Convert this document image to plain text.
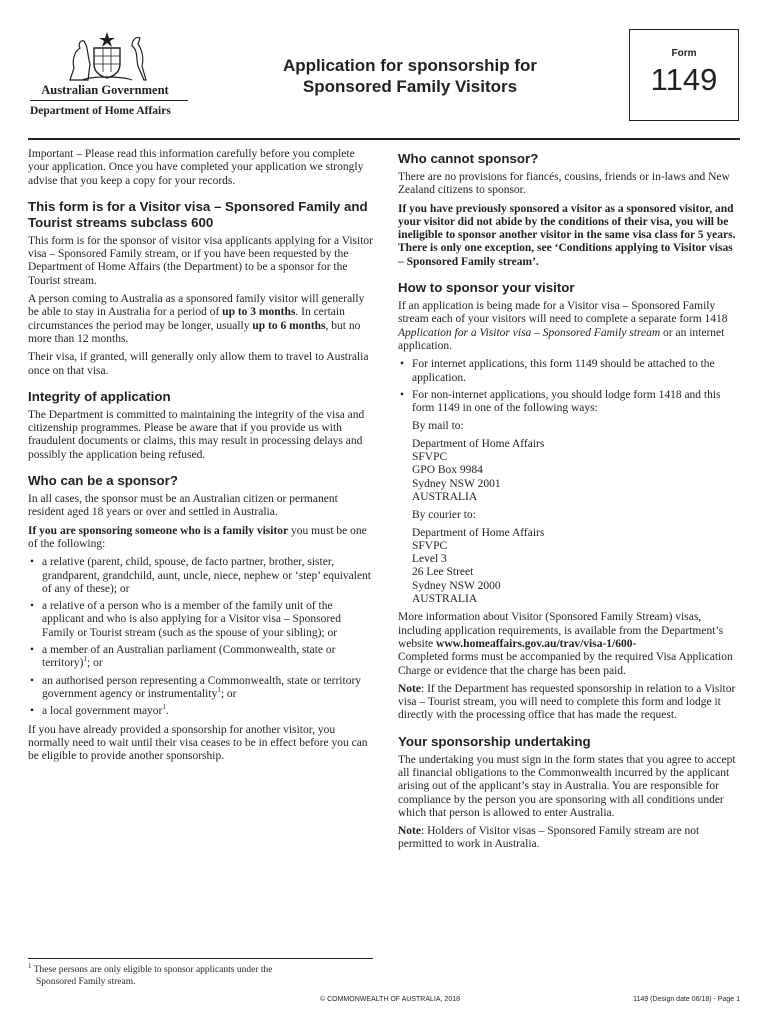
Australian Government
Department of Home Affairs
Application for sponsorship for
Sponsored Family Visitors
Form
1149

Important – Please read this information carefully before you complete your application. Once you have completed your application we strongly advise that you keep a copy for your records.

This form is for a Visitor visa – Sponsored Family and Tourist streams subclass 600

This form is for the sponsor of visitor visa applicants applying for a Visitor visa – Sponsored Family stream, or if you have been requested by the Department of Home Affairs (the Department) to be a sponsor for the Tourist stream.

A person coming to Australia as a sponsored family visitor will generally be able to stay in Australia for a period of up to 3 months. In certain circumstances the period may be longer, usually up to 6 months, but no more than 12 months.

Their visa, if granted, will generally only allow them to travel to Australia once on that visa.

Integrity of application

The Department is committed to maintaining the integrity of the visa and citizenship programmes. Please be aware that if you provide us with fraudulent documents or claims, this may result in processing delays and possibly the application being refused.

Who can be a sponsor?

In all cases, the sponsor must be an Australian citizen or permanent resident aged 18 years or over and settled in Australia.

If you are sponsoring someone who is a family visitor you must be one of the following:

• a relative (parent, child, spouse, de facto partner, brother, sister, grandparent, grandchild, aunt, uncle, niece, nephew or ‘step’ equivalent of any of these); or
• a relative of a person who is a member of the family unit of the applicant and who is also applying for a Visitor visa – Sponsored Family or Tourist stream (such as the spouse of your sibling); or
• a member of an Australian parliament (Commonwealth, state or territory)$^1$; or
• an authorised person representing a Commonwealth, state or territory government agency or instrumentality$^1$; or
• a local government mayor$^1$.

If you have already provided a sponsorship for another visitor, you normally need to wait until their visa ceases to be in effect before you can be eligible to provide another sponsorship.

Who cannot sponsor?

There are no provisions for fiancés, cousins, friends or in-laws and New Zealand citizens to sponsor.

If you have previously sponsored a visitor as a sponsored visitor, and your visitor did not abide by the conditions of their visa, you will be ineligible to sponsor another visitor in the same visa class for 5 years. There is only one exception, see ‘Conditions applying to Visitor visas – Sponsored Family stream’.

How to sponsor your visitor

If an application is being made for a Visitor visa – Sponsored Family stream each of your visitors will need to complete a separate form 1418 Application for a Visitor visa – Sponsored Family stream or an internet application.

• For internet applications, this form 1149 should be attached to the application.
• For non-internet applications, you should lodge form 1418 and this form 1149 in one of the following ways:
By mail to:
Department of Home Affairs
SFVPC
GPO Box 9984
Sydney NSW 2001
AUSTRALIA
By courier to:
Department of Home Affairs
SFVPC
Level 3
26 Lee Street
Sydney NSW 2000
AUSTRALIA

More information about Visitor (Sponsored Family Stream) visas, including application requirements, is available from the Department’s website www.homeaffairs.gov.au/trav/visa-1/600-

Completed forms must be accompanied by the required Visa Application Charge or evidence that the charge has been paid.

Note: If the Department has requested sponsorship in relation to a Visitor visa – Tourist stream, you will need to complete this form and lodge it directly with the processing office that has made the request.

Your sponsorship undertaking

The undertaking you must sign in the form states that you agree to accept all financial obligations to the Commonwealth incurred by the applicant arising out of the applicant’s stay in Australia. You are responsible for compliance by the person you are sponsoring with all conditions under which that person is allowed to enter Australia.

Note: Holders of Visitor visas – Sponsored Family stream are not permitted to work in Australia.

$^1$ These persons are only eligible to sponsor applicants under the
Sponsored Family stream.
© COMMONWEALTH OF AUSTRALIA, 2018	1149 (Design date 06/18) - Page 1
